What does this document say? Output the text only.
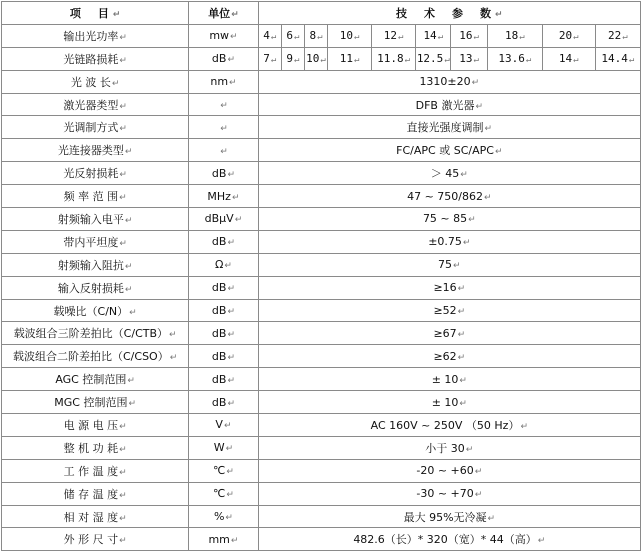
项　目↵	单位↵	技　术　参　数↵									
输出光功率↵	mw↵	4↵	6↵	8↵	10↵	12↵	14↵	16↵	18↵	20↵	22↵
光链路损耗↵	dB↵	7↵	9↵	10↵	11↵	11.8↵	12.5↵	13↵	13.6↵	14↵	14.4↵
光 波 长↵	nm↵	1310±20↵									
激光器类型↵	↵	DFB 激光器↵									
光调制方式↵	↵	直接光强度调制↵									
光连接器类型↵	↵	FC/APC 或 SC/APC↵									
光反射损耗↵	dB↵	＞ 45↵									
频 率 范 围↵	MHz↵	47 ~ 750/862↵									
射频输入电平↵	dBμV↵	75 ~ 85↵									
带内平坦度↵	dB↵	±0.75↵									
射频输入阻抗↵	Ω↵	75↵									
输入反射损耗↵	dB↵	≥16↵									
载噪比（C/N）↵	dB↵	≥52↵									
载波组合三阶差拍比（C/CTB）↵	dB↵	≥67↵									
载波组合二阶差拍比（C/CSO）↵	dB↵	≥62↵									
AGC 控制范围↵	dB↵	± 10↵									
MGC 控制范围↵	dB↵	± 10↵									
电 源 电 压↵	V↵	AC 160V ~ 250V （50 Hz）↵									
整 机 功 耗↵	W↵	小于 30↵									
工 作 温 度↵	℃↵	-20 ~ +60↵									
储 存 温 度↵	℃↵	-30 ~ +70↵									
相 对 湿 度↵	%↵	最大 95%无冷凝↵									
外 形 尺 寸↵	mm↵	482.6（长）* 320（宽）* 44（高）↵									
